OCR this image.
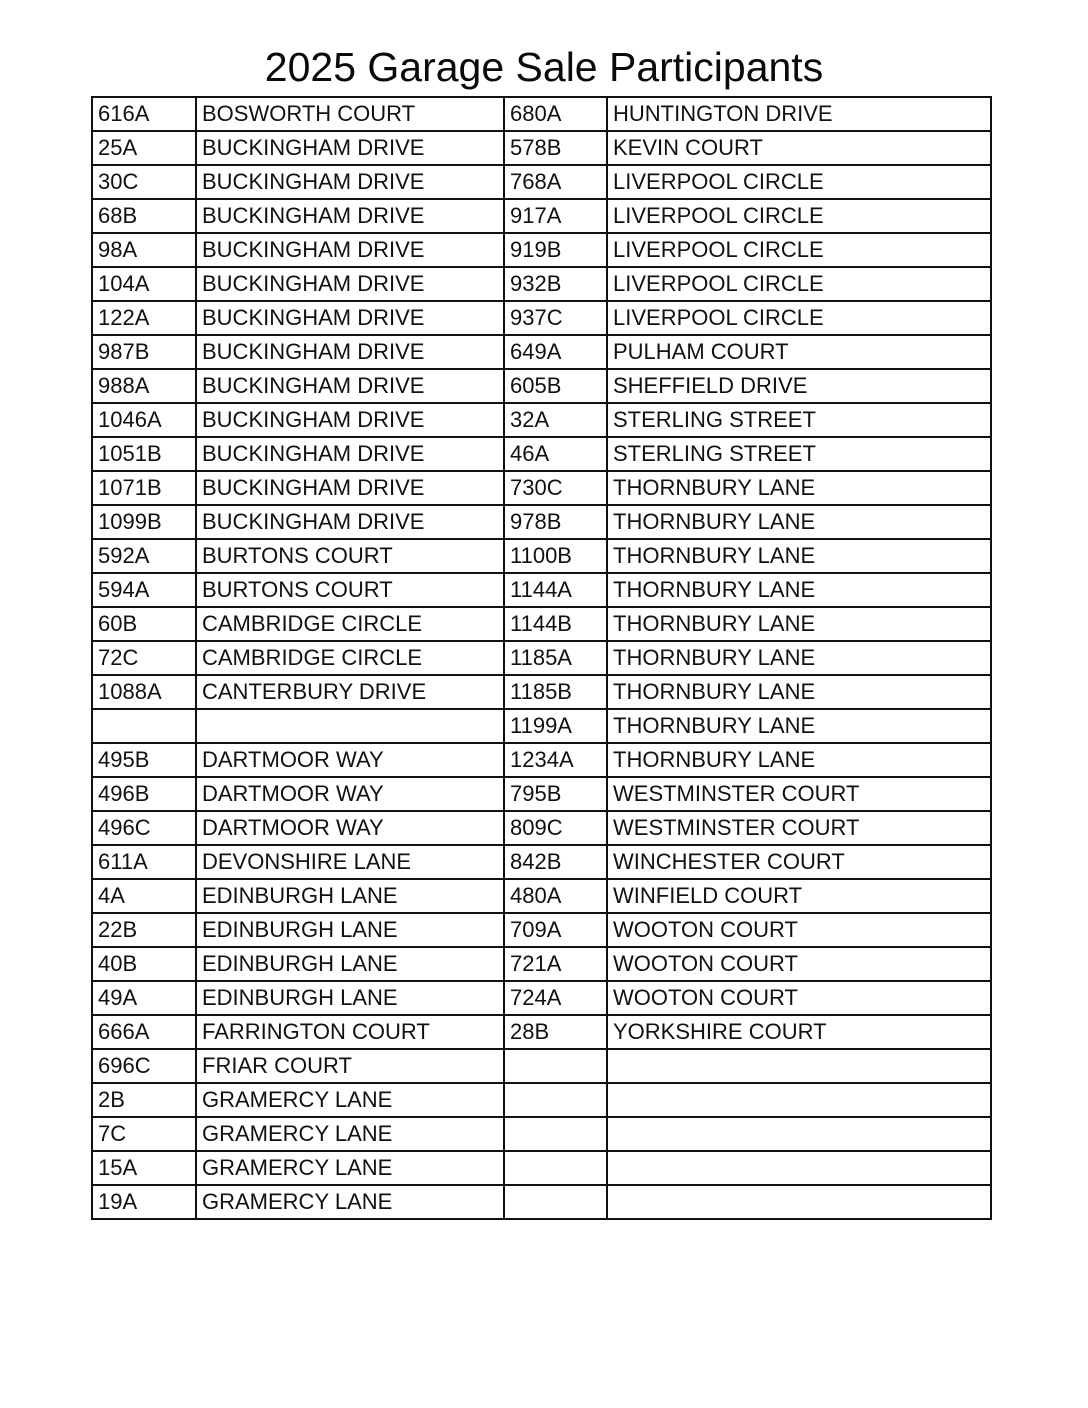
2025 Garage Sale Participants
616A	BOSWORTH COURT	680A	HUNTINGTON DRIVE
25A	BUCKINGHAM DRIVE	578B	KEVIN COURT
30C	BUCKINGHAM DRIVE	768A	LIVERPOOL CIRCLE
68B	BUCKINGHAM DRIVE	917A	LIVERPOOL CIRCLE
98A	BUCKINGHAM DRIVE	919B	LIVERPOOL CIRCLE
104A	BUCKINGHAM DRIVE	932B	LIVERPOOL CIRCLE
122A	BUCKINGHAM DRIVE	937C	LIVERPOOL CIRCLE
987B	BUCKINGHAM DRIVE	649A	PULHAM COURT
988A	BUCKINGHAM DRIVE	605B	SHEFFIELD DRIVE
1046A	BUCKINGHAM DRIVE	32A	STERLING STREET
1051B	BUCKINGHAM DRIVE	46A	STERLING STREET
1071B	BUCKINGHAM DRIVE	730C	THORNBURY LANE
1099B	BUCKINGHAM DRIVE	978B	THORNBURY LANE
592A	BURTONS COURT	1100B	THORNBURY LANE
594A	BURTONS COURT	1144A	THORNBURY LANE
60B	CAMBRIDGE CIRCLE	1144B	THORNBURY LANE
72C	CAMBRIDGE CIRCLE	1185A	THORNBURY LANE
1088A	CANTERBURY DRIVE	1185B	THORNBURY LANE
		1199A	THORNBURY LANE
495B	DARTMOOR WAY	1234A	THORNBURY LANE
496B	DARTMOOR WAY	795B	WESTMINSTER COURT
496C	DARTMOOR WAY	809C	WESTMINSTER COURT
611A	DEVONSHIRE LANE	842B	WINCHESTER COURT
4A	EDINBURGH LANE	480A	WINFIELD COURT
22B	EDINBURGH LANE	709A	WOOTON COURT
40B	EDINBURGH LANE	721A	WOOTON COURT
49A	EDINBURGH LANE	724A	WOOTON COURT
666A	FARRINGTON COURT	28B	YORKSHIRE COURT
696C	FRIAR COURT		
2B	GRAMERCY LANE		
7C	GRAMERCY LANE		
15A	GRAMERCY LANE		
19A	GRAMERCY LANE		
